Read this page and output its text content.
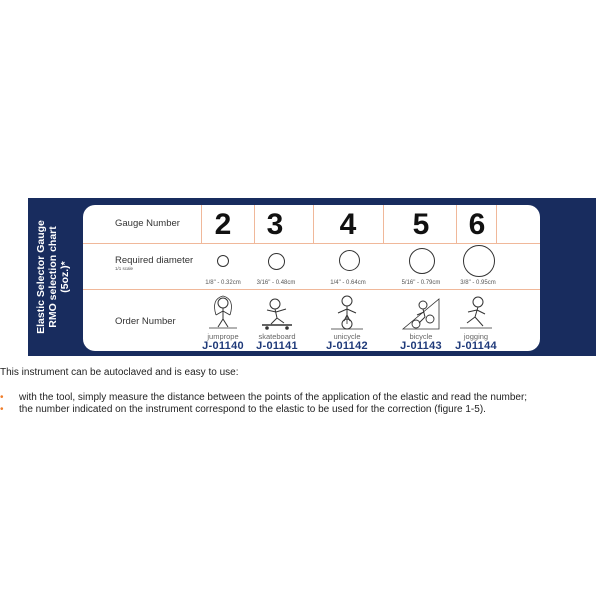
Elastic Selector Gauge RMO selection chart (5oz.)*
Gauge Number
Required diameter
1/1 scale
Order Number
2
1/8" - 0.32cm
jumprope
J-01140
3
3/16" - 0.48cm
skateboard
J-01141
4
1/4" - 0.64cm
unicycle
J-01142
5
5/16" - 0.79cm
bicycle
J-01143
6
3/8" - 0.95cm
jogging
J-01144
This instrument can be autoclaved and is easy to use:
• with the tool, simply measure the distance between the points of the application of the elastic and read the number;
• the number indicated on the instrument correspond to the elastic to be used for the correction (figure 1-5).
